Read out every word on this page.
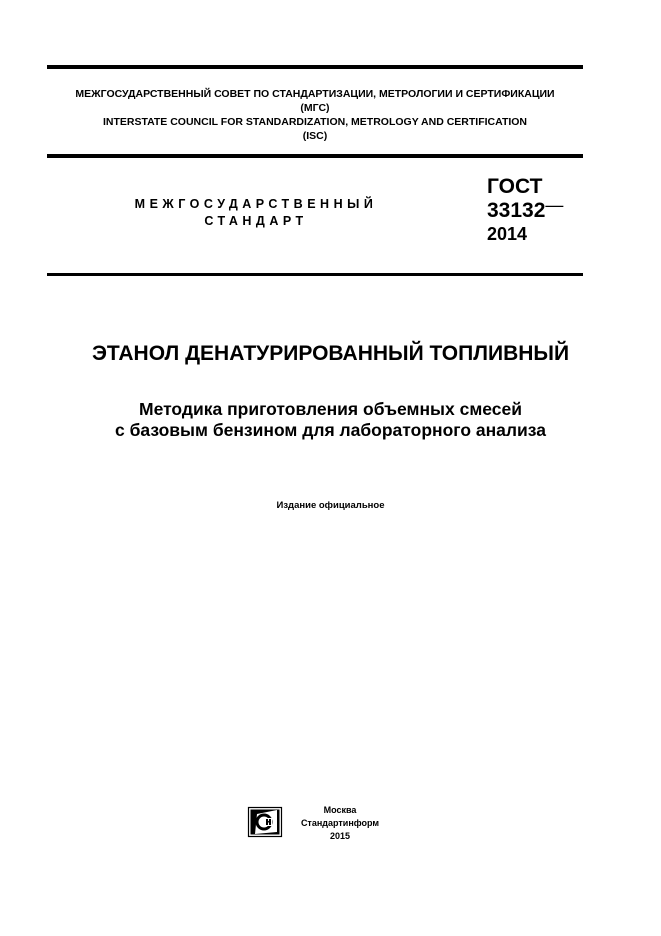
МЕЖГОСУДАРСТВЕННЫЙ СОВЕТ ПО СТАНДАРТИЗАЦИИ, МЕТРОЛОГИИ И СЕРТИФИКАЦИИ
(МГС)
INTERSTATE COUNCIL FOR STANDARDIZATION, METROLOGY AND CERTIFICATION
(ISC)
МЕЖГОСУДАРСТВЕННЫЙ
СТАНДАРТ
ГОСТ
33132—
2014
ЭТАНОЛ ДЕНАТУРИРОВАННЫЙ ТОПЛИВНЫЙ
Методика приготовления объемных смесей
с базовым бензином для лабораторного анализа
Издание официальное
Москва
Стандартинформ
2015
